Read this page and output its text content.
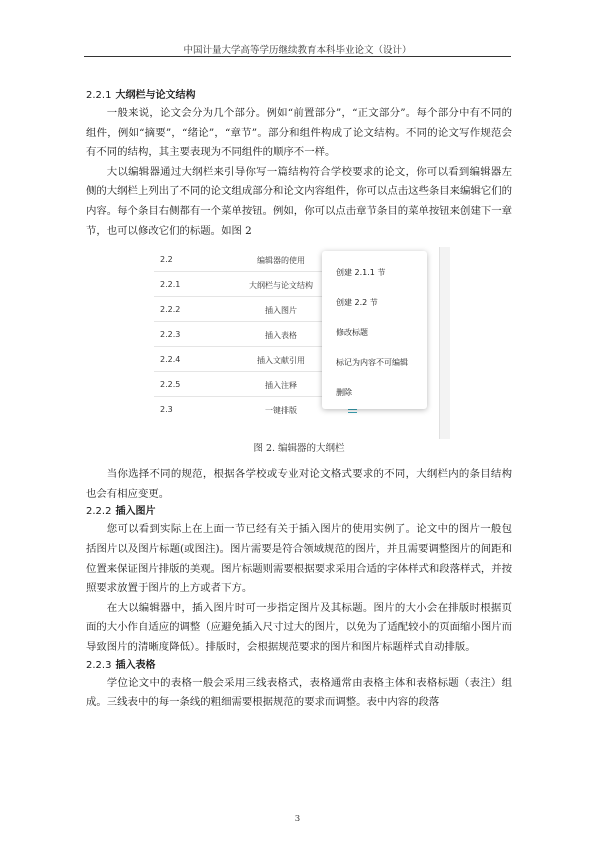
中国计量大学高等学历继续教育本科毕业论文（设计）

2.2.1 大纲栏与论文结构

一般来说，论文会分为几个部分。例如“前置部分”，“正文部分”。每个部分中有不同的组件，例如“摘要”，“绪论”，“章节”。部分和组件构成了论文结构。不同的论文写作规范会有不同的结构，其主要表现为不同组件的顺序不一样。

大以编辑器通过大纲栏来引导你写一篇结构符合学校要求的论文，你可以看到编辑器左侧的大纲栏上列出了不同的论文组成部分和论文内容组件，你可以点击这些条目来编辑它们的内容。每个条目右侧都有一个菜单按钮。例如，你可以点击章节条目的菜单按钮来创建下一章节，也可以修改它们的标题。如图 2

2.2	编辑器的使用
2.2.1	大纲栏与论文结构
2.2.2	插入图片
2.2.3	插入表格
2.2.4	插入文献引用
2.2.5	插入注释
2.3	一键排版
创建 2.1.1 节
创建 2.2 节
修改标题
标记为内容不可编辑
删除
图 2. 编辑器的大纲栏

当你选择不同的规范，根据各学校或专业对论文格式要求的不同，大纲栏内的条目结构也会有相应变更。

2.2.2 插入图片

您可以看到实际上在上面一节已经有关于插入图片的使用实例了。论文中的图片一般包括图片以及图片标题(或图注)。图片需要是符合领域规范的图片，并且需要调整图片的间距和位置来保证图片排版的美观。图片标题则需要根据要求采用合适的字体样式和段落样式，并按照要求放置于图片的上方或者下方。

在大以编辑器中，插入图片时可一步指定图片及其标题。图片的大小会在排版时根据页面的大小作自适应的调整（应避免插入尺寸过大的图片，以免为了适配较小的页面缩小图片而导致图片的清晰度降低）。排版时，会根据规范要求的图片和图片标题样式自动排版。

2.2.3 插入表格

学位论文中的表格一般会采用三线表格式，表格通常由表格主体和表格标题（表注）组成。三线表中的每一条线的粗细需要根据规范的要求而调整。表中内容的段落

3
